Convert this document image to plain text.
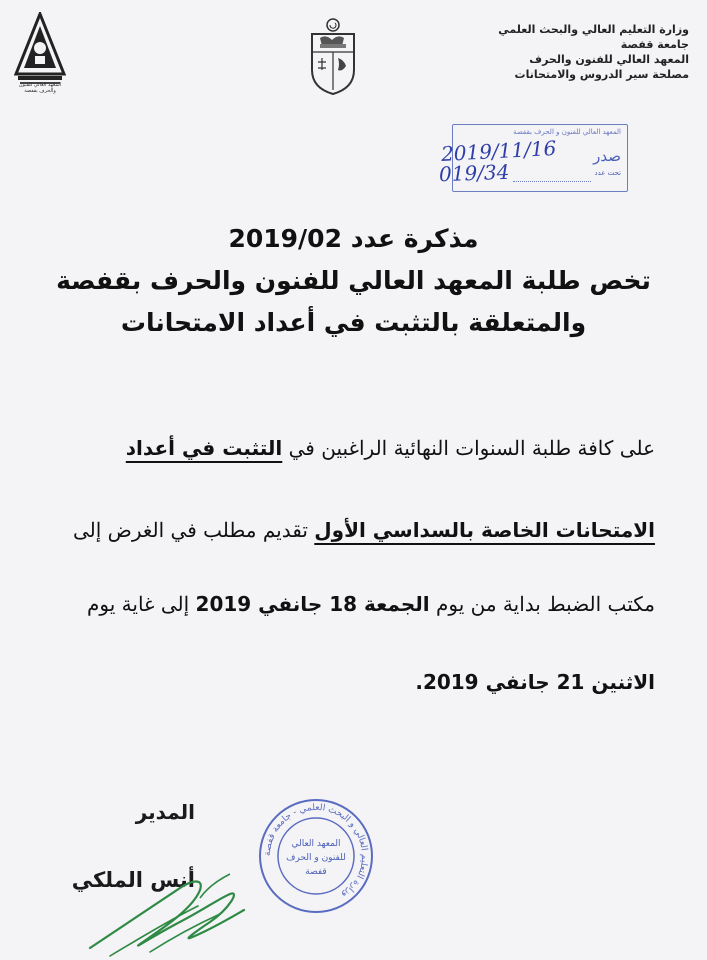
المعهد العالي للفنون والحرف بقفصة
وزارة التعليم العالي والبحث العلمي
جامعة قفصة
المعهد العالي للفنون والحرف
مصلحة سير الدروس والامتحانات
المعهد العالي للفنون و الحرف بقفصة
صدر
تحت عدد
2019/11/16
019/34
مذكرة عدد 2019/02
تخص طلبة المعهد العالي للفنون والحرف بقفصة
والمتعلقة بالتثبت في أعداد الامتحانات
على كافة طلبة السنوات النهائية الراغبين في التثبت في أعداد
الامتحانات الخاصة بالسداسي الأول تقديم مطلب في الغرض إلى
مكتب الضبط بداية من يوم الجمعة 18 جانفي 2019 إلى غاية يوم
الاثنين 21 جانفي 2019.
وزارة التعليم العالي و البحث العلمي - جامعة قفصة
المعهد العالي
للفنون و الحرف
قفصة
المدير
أنس الملكي
